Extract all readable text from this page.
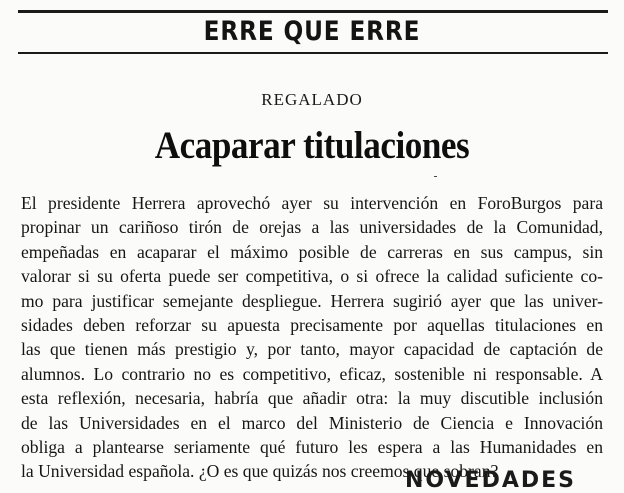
ERRE QUE ERRE
REGALADO
Acaparar titulaciones
El presidente Herrera aprovechó ayer su intervención en ForoBurgos para
propinar un cariñoso tirón de orejas a las universidades de la Comunidad,
empeñadas en acaparar el máximo posible de carreras en sus campus, sin
valorar si su oferta puede ser competitiva, o si ofrece la calidad suficiente co-
mo para justificar semejante despliegue. Herrera sugirió ayer que las univer-
sidades deben reforzar su apuesta precisamente por aquellas titulaciones en
las que tienen más prestigio y, por tanto, mayor capacidad de captación de
alumnos. Lo contrario no es competitivo, eficaz, sostenible ni responsable. A
esta reflexión, necesaria, habría que añadir otra: la muy discutible inclusión
de las Universidades en el marco del Ministerio de Ciencia e Innovación
obliga a plantearse seriamente qué futuro les espera a las Humanidades en
la Universidad española. ¿O es que quizás nos creemos que sobran?
NOVEDADES
